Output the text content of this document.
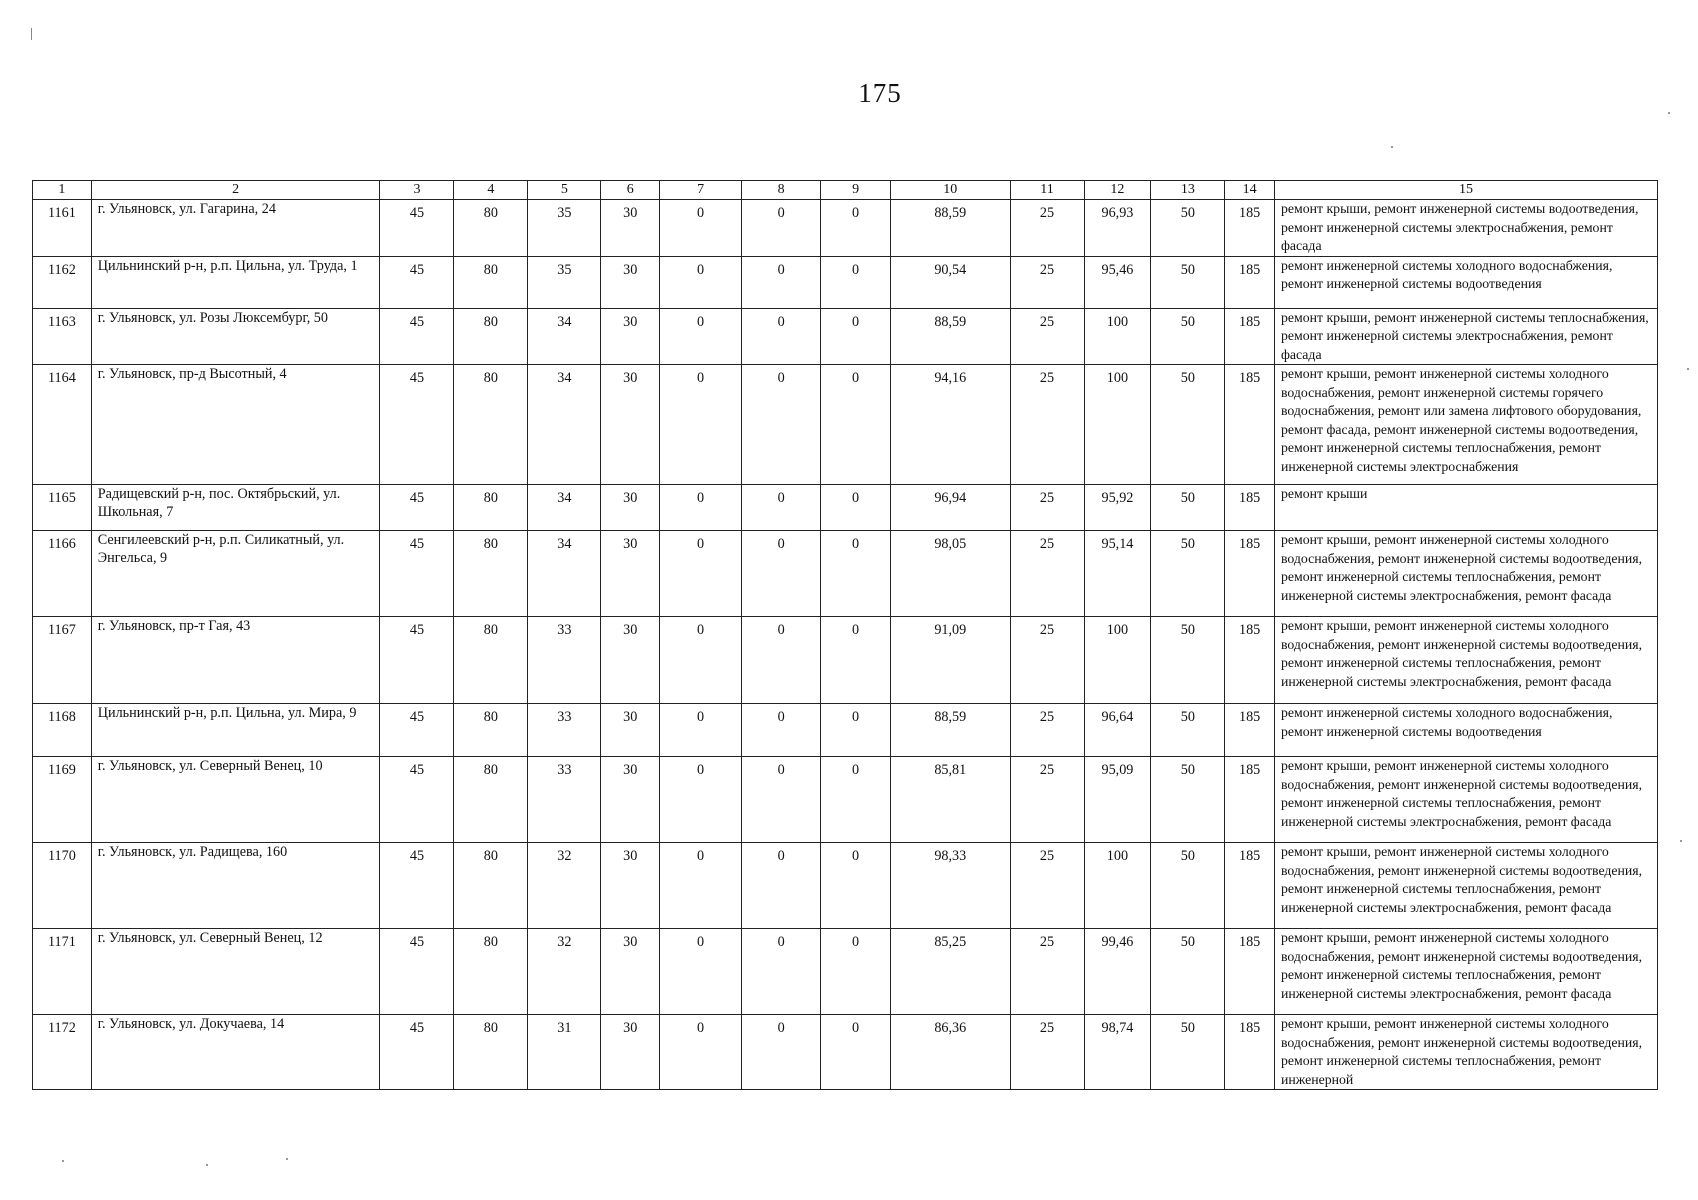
175
1	2	3	4	5	6	7	8	9	10	11	12	13	14	15
1161	г. Ульяновск, ул. Гагарина, 24	45	80	35	30	0	0	0	88,59	25	96,93	50	185	ремонт крыши, ремонт инженерной системы водоотведения, ремонт инженерной системы электроснабжения, ремонт фасада
1162	Цильнинский р-н, р.п. Цильна, ул. Труда, 1	45	80	35	30	0	0	0	90,54	25	95,46	50	185	ремонт инженерной системы холодного водоснабжения, ремонт инженерной системы водоотведения
1163	г. Ульяновск, ул. Розы Люксембург, 50	45	80	34	30	0	0	0	88,59	25	100	50	185	ремонт крыши, ремонт инженерной системы теплоснабжения, ремонт инженерной системы электроснабжения, ремонт фасада
1164	г. Ульяновск, пр-д Высотный, 4	45	80	34	30	0	0	0	94,16	25	100	50	185	ремонт крыши, ремонт инженерной системы холодного водоснабжения, ремонт инженерной системы горячего водоснабжения, ремонт или замена лифтового оборудования, ремонт фасада, ремонт инженерной системы водоотведения, ремонт инженерной системы теплоснабжения, ремонт инженерной системы электроснабжения
1165	Радищевский р-н, пос. Октябрьский, ул. Школьная, 7	45	80	34	30	0	0	0	96,94	25	95,92	50	185	ремонт крыши
1166	Сенгилеевский р-н, р.п. Силикатный, ул. Энгельса, 9	45	80	34	30	0	0	0	98,05	25	95,14	50	185	ремонт крыши, ремонт инженерной системы холодного водоснабжения, ремонт инженерной системы водоотведения, ремонт инженерной системы теплоснабжения, ремонт инженерной системы электроснабжения, ремонт фасада
1167	г. Ульяновск, пр-т Гая, 43	45	80	33	30	0	0	0	91,09	25	100	50	185	ремонт крыши, ремонт инженерной системы холодного водоснабжения, ремонт инженерной системы водоотведения, ремонт инженерной системы теплоснабжения, ремонт инженерной системы электроснабжения, ремонт фасада
1168	Цильнинский р-н, р.п. Цильна, ул. Мира, 9	45	80	33	30	0	0	0	88,59	25	96,64	50	185	ремонт инженерной системы холодного водоснабжения, ремонт инженерной системы водоотведения
1169	г. Ульяновск, ул. Северный Венец, 10	45	80	33	30	0	0	0	85,81	25	95,09	50	185	ремонт крыши, ремонт инженерной системы холодного водоснабжения, ремонт инженерной системы водоотведения, ремонт инженерной системы теплоснабжения, ремонт инженерной системы электроснабжения, ремонт фасада
1170	г. Ульяновск, ул. Радищева, 160	45	80	32	30	0	0	0	98,33	25	100	50	185	ремонт крыши, ремонт инженерной системы холодного водоснабжения, ремонт инженерной системы водоотведения, ремонт инженерной системы теплоснабжения, ремонт инженерной системы электроснабжения, ремонт фасада
1171	г. Ульяновск, ул. Северный Венец, 12	45	80	32	30	0	0	0	85,25	25	99,46	50	185	ремонт крыши, ремонт инженерной системы холодного водоснабжения, ремонт инженерной системы водоотведения, ремонт инженерной системы теплоснабжения, ремонт инженерной системы электроснабжения, ремонт фасада
1172	г. Ульяновск, ул. Докучаева, 14	45	80	31	30	0	0	0	86,36	25	98,74	50	185	ремонт крыши, ремонт инженерной системы холодного водоснабжения, ремонт инженерной системы водоотведения, ремонт инженерной системы теплоснабжения, ремонт инженерной
